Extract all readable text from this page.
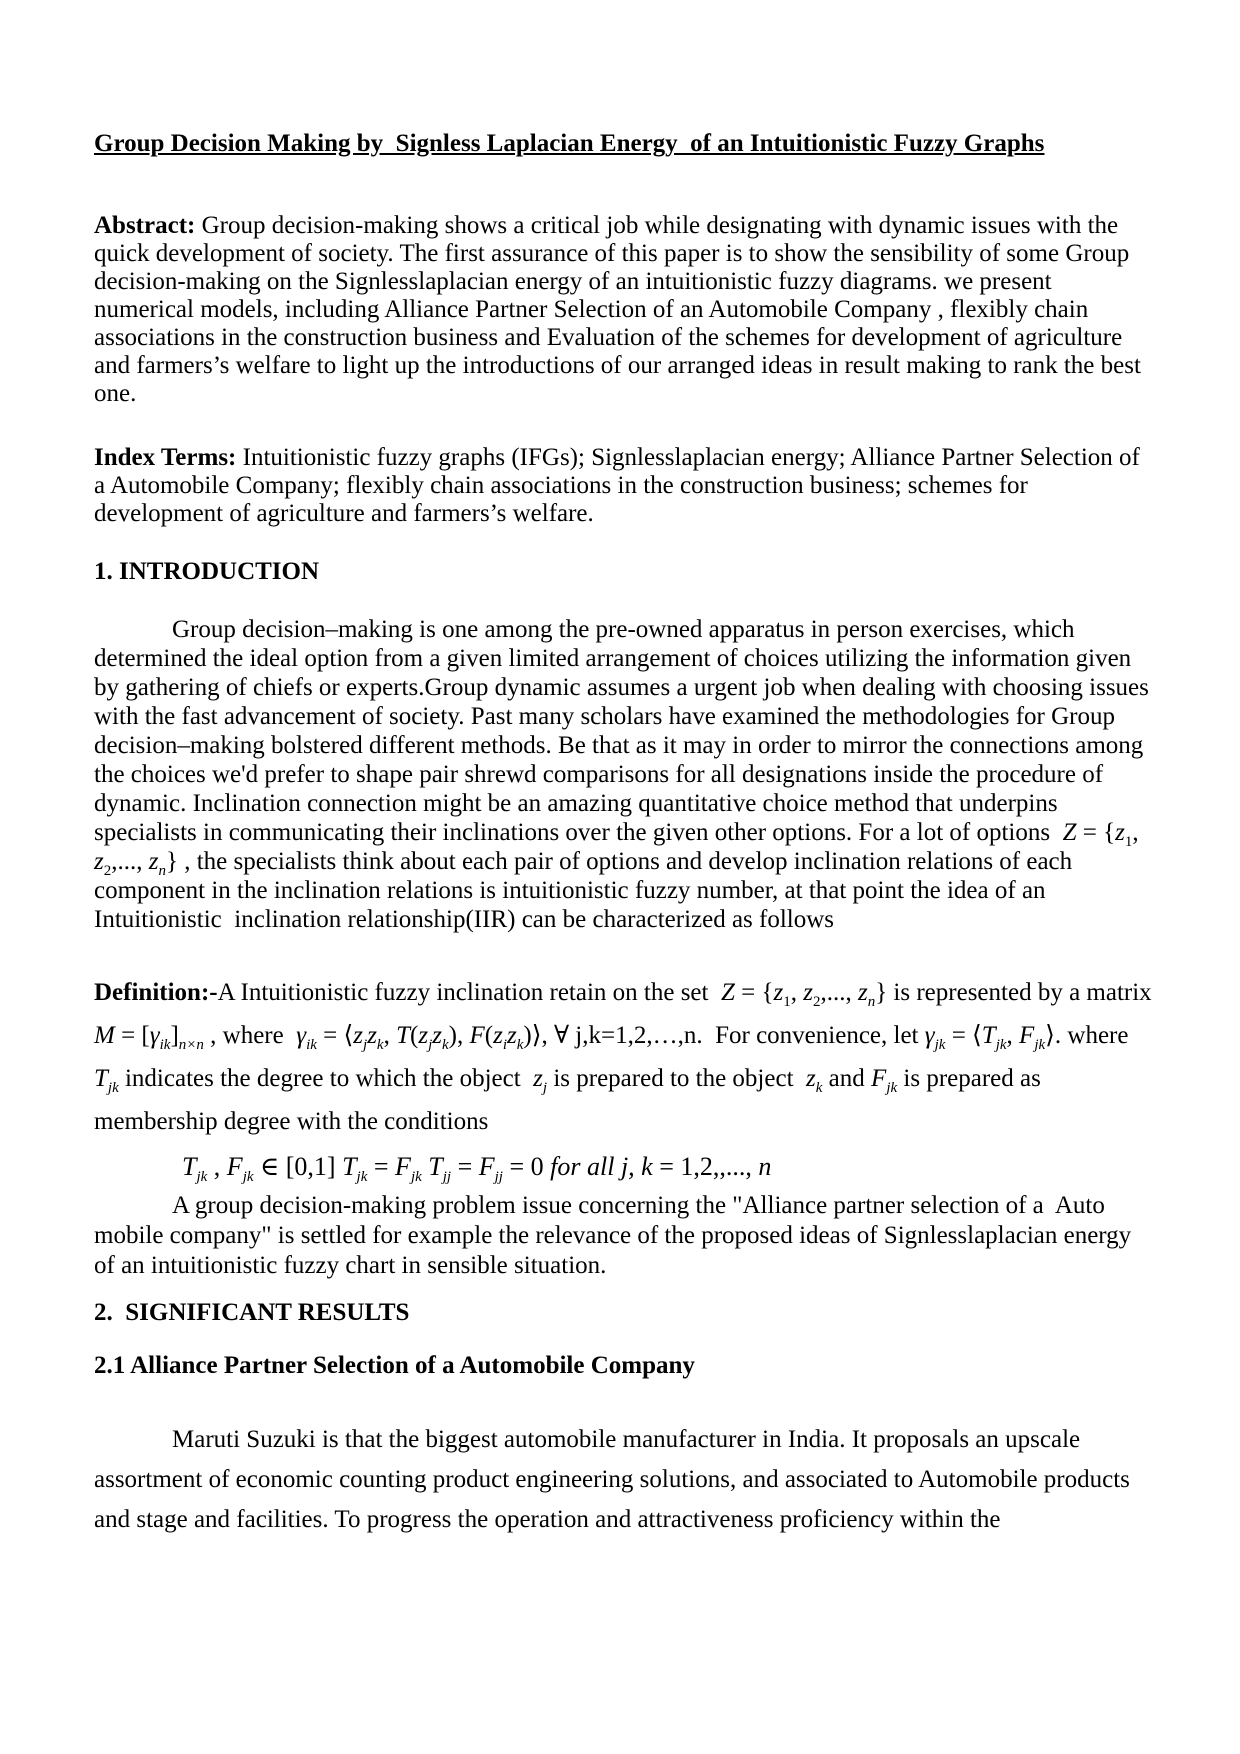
Group Decision Making by  Signless Laplacian Energy  of an Intuitionistic Fuzzy Graphs

Abstract: Group decision-making shows a critical job while designating with dynamic issues with the quick development of society. The first assurance of this paper is to show the sensibility of some Group decision-making on the Signlesslaplacian energy of an intuitionistic fuzzy diagrams. we present numerical models, including Alliance Partner Selection of an Automobile Company , flexibly chain associations in the construction business and Evaluation of the schemes for development of agriculture and farmers’s welfare to light up the introductions of our arranged ideas in result making to rank the best one.

Index Terms: Intuitionistic fuzzy graphs (IFGs); Signlesslaplacian energy; Alliance Partner Selection of a Automobile Company; flexibly chain associations in the construction business; schemes for development of agriculture and farmers’s welfare.

1. INTRODUCTION

Group decision–making is one among the pre-owned apparatus in person exercises, which determined the ideal option from a given limited arrangement of choices utilizing the information given by gathering of chiefs or experts.Group dynamic assumes a urgent job when dealing with choosing issues with the fast advancement of society. Past many scholars have examined the methodologies for Group decision–making bolstered different methods. Be that as it may in order to mirror the connections among the choices we'd prefer to shape pair shrewd comparisons for all designations inside the procedure of dynamic. Inclination connection might be an amazing quantitative choice method that underpins specialists in communicating their inclinations over the given other options. For a lot of options  $Z = \{z_1$, $z_2$,..., $z_n$} , the specialists think about each pair of options and develop inclination relations of each component in the inclination relations is intuitionistic fuzzy number, at that point the idea of an Intuitionistic  inclination relationship(IIR) can be characterized as follows

Definition:-A Intuitionistic fuzzy inclination retain on the set  $Z = \{z_1$, $z_2$,..., $z_n$} is represented by a matrix  $M = [\gamma_{ik}]_{n\times n}$ , where  $\gamma_{ik}$ = $⟨z_jz_k$, $T(z_jz_k)$, $F(z_iz_k)⟩$, ∀ j,k=1,2,…,n.  For convenience, let $\gamma_{jk}$ = $⟨T_{jk}$, $F_{jk}⟩$. where  $T_{jk}$ indicates the degree to which the object  $z_j$ is prepared to the object  $z_k$ and $F_{jk}$ is prepared as membership degree with the conditions

$T_{jk}$ , $F_{jk}$ ∈ [0,1] $T_{jk} = F_{jk}$ $T_{jj} = F_{jj} = 0$ for all j, k = 1,2,,..., n

A group decision-making problem issue concerning the "Alliance partner selection of a  Auto mobile company" is settled for example the relevance of the proposed ideas of Signlesslaplacian energy of an intuitionistic fuzzy chart in sensible situation.

2.  SIGNIFICANT RESULTS
2.1 Alliance Partner Selection of a Automobile Company

Maruti Suzuki is that the biggest automobile manufacturer in India. It proposals an upscale assortment of economic counting product engineering solutions, and associated to Automobile products and stage and facilities. To progress the operation and attractiveness proficiency within the
